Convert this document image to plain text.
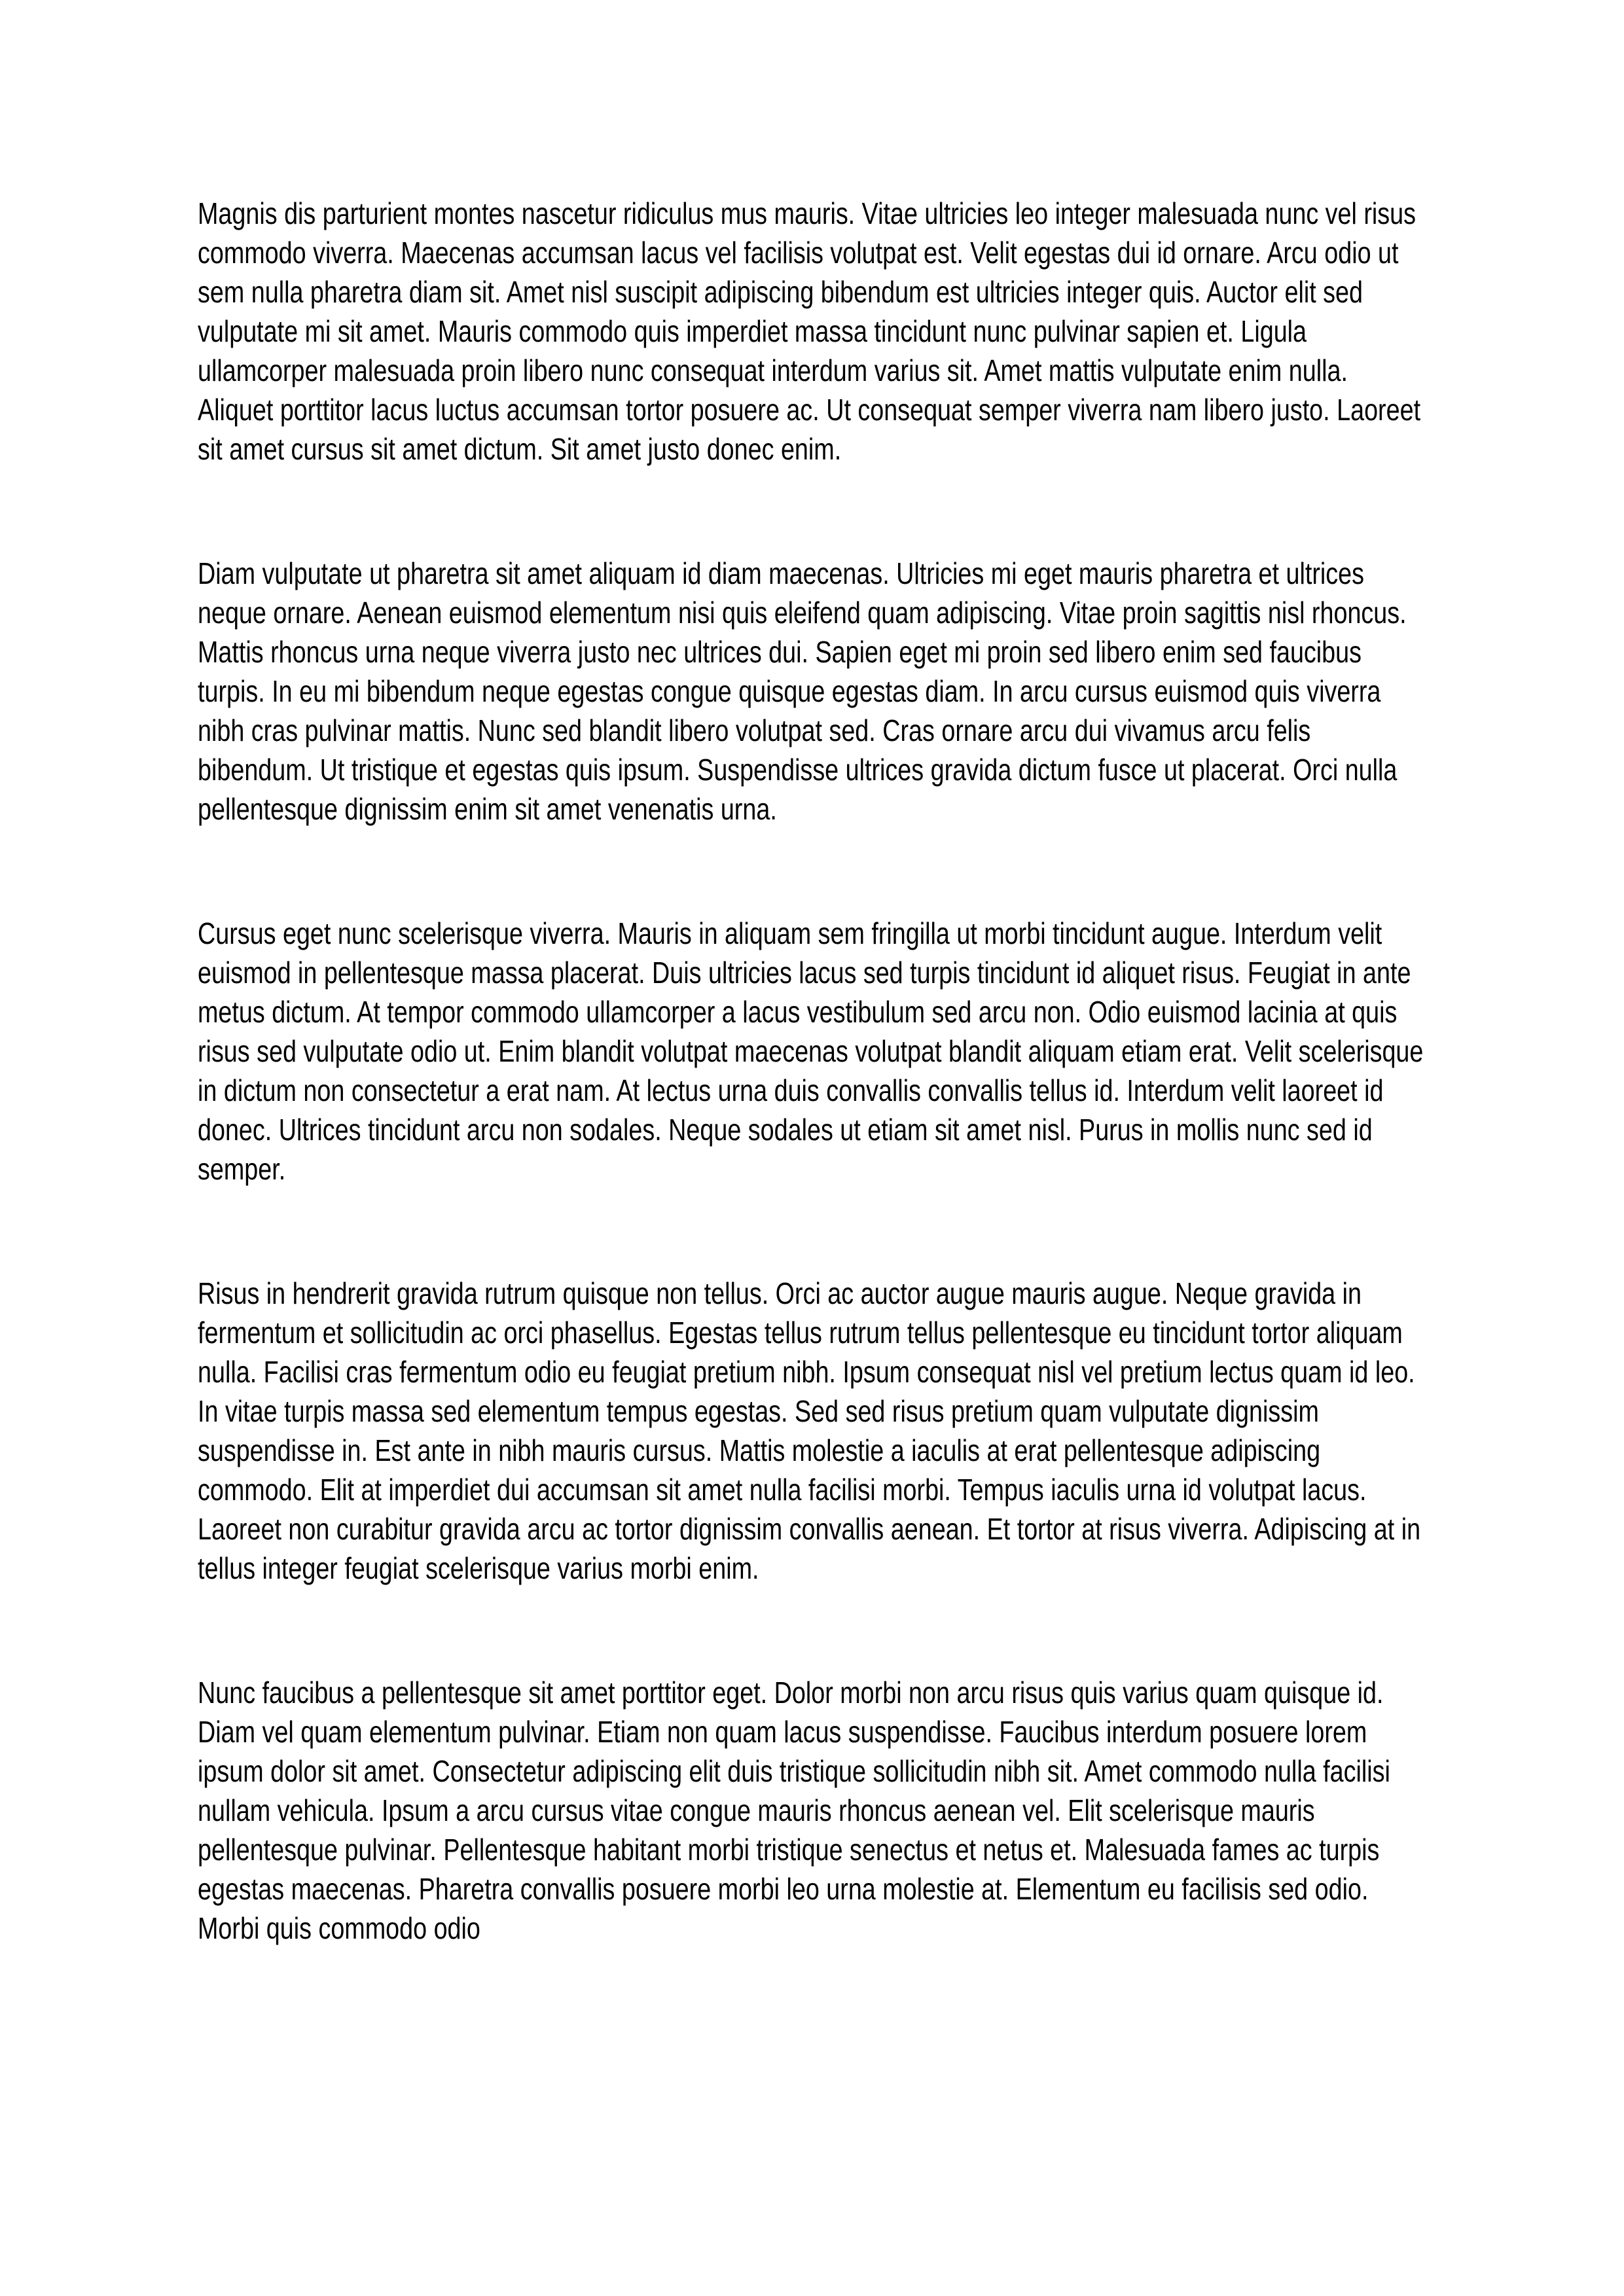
Magnis dis parturient montes nascetur ridiculus mus mauris. Vitae ultricies leo integer malesuada nunc vel risus commodo viverra. Maecenas accumsan lacus vel facilisis volutpat est. Velit egestas dui id ornare. Arcu odio ut sem nulla pharetra diam sit. Amet nisl suscipit adipiscing bibendum est ultricies integer quis. Auctor elit sed vulputate mi sit amet. Mauris commodo quis imperdiet massa tincidunt nunc pulvinar sapien et. Ligula ullamcorper malesuada proin libero nunc consequat interdum varius sit. Amet mattis vulputate enim nulla. Aliquet porttitor lacus luctus accumsan tortor posuere ac. Ut consequat semper viverra nam libero justo. Laoreet sit amet cursus sit amet dictum. Sit amet justo donec enim.

Diam vulputate ut pharetra sit amet aliquam id diam maecenas. Ultricies mi eget mauris pharetra et ultrices neque ornare. Aenean euismod elementum nisi quis eleifend quam adipiscing. Vitae proin sagittis nisl rhoncus. Mattis rhoncus urna neque viverra justo nec ultrices dui. Sapien eget mi proin sed libero enim sed faucibus turpis. In eu mi bibendum neque egestas congue quisque egestas diam. In arcu cursus euismod quis viverra nibh cras pulvinar mattis. Nunc sed blandit libero volutpat sed. Cras ornare arcu dui vivamus arcu felis bibendum. Ut tristique et egestas quis ipsum. Suspendisse ultrices gravida dictum fusce ut placerat. Orci nulla pellentesque dignissim enim sit amet venenatis urna.

Cursus eget nunc scelerisque viverra. Mauris in aliquam sem fringilla ut morbi tincidunt augue. Interdum velit euismod in pellentesque massa placerat. Duis ultricies lacus sed turpis tincidunt id aliquet risus. Feugiat in ante metus dictum. At tempor commodo ullamcorper a lacus vestibulum sed arcu non. Odio euismod lacinia at quis risus sed vulputate odio ut. Enim blandit volutpat maecenas volutpat blandit aliquam etiam erat. Velit scelerisque in dictum non consectetur a erat nam. At lectus urna duis convallis convallis tellus id. Interdum velit laoreet id donec. Ultrices tincidunt arcu non sodales. Neque sodales ut etiam sit amet nisl. Purus in mollis nunc sed id semper.

Risus in hendrerit gravida rutrum quisque non tellus. Orci ac auctor augue mauris augue. Neque gravida in fermentum et sollicitudin ac orci phasellus. Egestas tellus rutrum tellus pellentesque eu tincidunt tortor aliquam nulla. Facilisi cras fermentum odio eu feugiat pretium nibh. Ipsum consequat nisl vel pretium lectus quam id leo. In vitae turpis massa sed elementum tempus egestas. Sed sed risus pretium quam vulputate dignissim suspendisse in. Est ante in nibh mauris cursus. Mattis molestie a iaculis at erat pellentesque adipiscing commodo. Elit at imperdiet dui accumsan sit amet nulla facilisi morbi. Tempus iaculis urna id volutpat lacus. Laoreet non curabitur gravida arcu ac tortor dignissim convallis aenean. Et tortor at risus viverra. Adipiscing at in tellus integer feugiat scelerisque varius morbi enim.

Nunc faucibus a pellentesque sit amet porttitor eget. Dolor morbi non arcu risus quis varius quam quisque id. Diam vel quam elementum pulvinar. Etiam non quam lacus suspendisse. Faucibus interdum posuere lorem ipsum dolor sit amet. Consectetur adipiscing elit duis tristique sollicitudin nibh sit. Amet commodo nulla facilisi nullam vehicula. Ipsum a arcu cursus vitae congue mauris rhoncus aenean vel. Elit scelerisque mauris pellentesque pulvinar. Pellentesque habitant morbi tristique senectus et netus et. Malesuada fames ac turpis egestas maecenas. Pharetra convallis posuere morbi leo urna molestie at. Elementum eu facilisis sed odio. Morbi quis commodo odio
